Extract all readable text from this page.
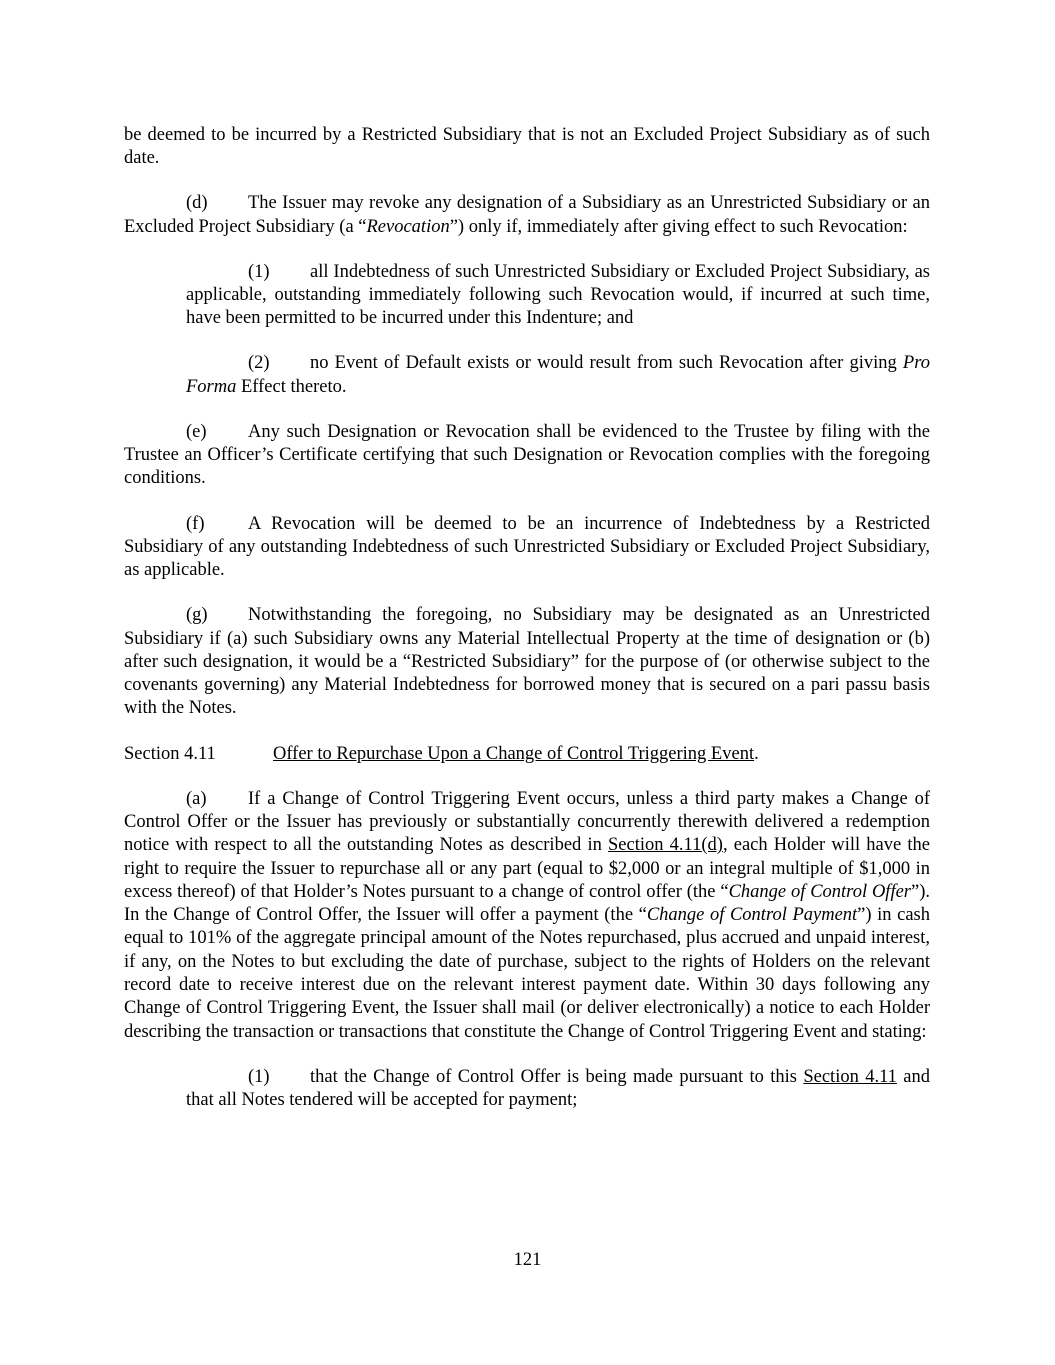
be deemed to be incurred by a Restricted Subsidiary that is not an Excluded Project Subsidiary as of such date.

(d) The Issuer may revoke any designation of a Subsidiary as an Unrestricted Subsidiary or an Excluded Project Subsidiary (a “Revocation”) only if, immediately after giving effect to such Revocation:

(1) all Indebtedness of such Unrestricted Subsidiary or Excluded Project Subsidiary, as applicable, outstanding immediately following such Revocation would, if incurred at such time, have been permitted to be incurred under this Indenture; and

(2) no Event of Default exists or would result from such Revocation after giving Pro Forma Effect thereto.

(e) Any such Designation or Revocation shall be evidenced to the Trustee by filing with the Trustee an Officer’s Certificate certifying that such Designation or Revocation complies with the foregoing conditions.

(f) A Revocation will be deemed to be an incurrence of Indebtedness by a Restricted Subsidiary of any outstanding Indebtedness of such Unrestricted Subsidiary or Excluded Project Subsidiary, as applicable.

(g) Notwithstanding the foregoing, no Subsidiary may be designated as an Unrestricted Subsidiary if (a) such Subsidiary owns any Material Intellectual Property at the time of designation or (b) after such designation, it would be a “Restricted Subsidiary” for the purpose of (or otherwise subject to the covenants governing) any Material Indebtedness for borrowed money that is secured on a pari passu basis with the Notes.

Section 4.11	Offer to Repurchase Upon a Change of Control Triggering Event.

(a) If a Change of Control Triggering Event occurs, unless a third party makes a Change of Control Offer or the Issuer has previously or substantially concurrently therewith delivered a redemption notice with respect to all the outstanding Notes as described in Section 4.11(d), each Holder will have the right to require the Issuer to repurchase all or any part (equal to $2,000 or an integral multiple of $1,000 in excess thereof) of that Holder’s Notes pursuant to a change of control offer (the “Change of Control Offer”). In the Change of Control Offer, the Issuer will offer a payment (the “Change of Control Payment”) in cash equal to 101% of the aggregate principal amount of the Notes repurchased, plus accrued and unpaid interest, if any, on the Notes to but excluding the date of purchase, subject to the rights of Holders on the relevant record date to receive interest due on the relevant interest payment date. Within 30 days following any Change of Control Triggering Event, the Issuer shall mail (or deliver electronically) a notice to each Holder describing the transaction or transactions that constitute the Change of Control Triggering Event and stating:

(1) that the Change of Control Offer is being made pursuant to this Section 4.11 and that all Notes tendered will be accepted for payment;

121
